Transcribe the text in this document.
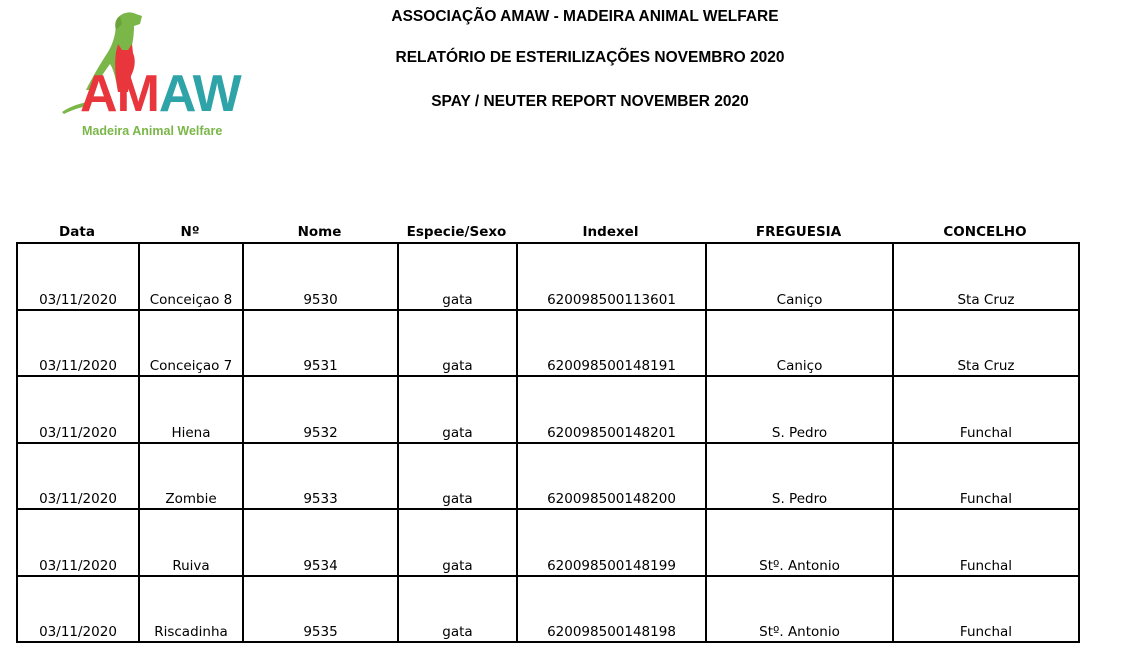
AMAW
Madeira Animal Welfare
ASSOCIAÇÃO AMAW - MADEIRA ANIMAL WELFARE
RELATÓRIO DE ESTERILIZAÇÕES NOVEMBRO 2020
SPAY / NEUTER REPORT NOVEMBER 2020
Data	Nº	Nome	Especie/Sexo	Indexel	FREGUESIA	CONCELHO
03/11/2020	Conceiçao 8	9530	gata	620098500113601	Caniço	Sta Cruz
03/11/2020	Conceiçao 7	9531	gata	620098500148191	Caniço	Sta Cruz
03/11/2020	Hiena	9532	gata	620098500148201	S. Pedro	Funchal
03/11/2020	Zombie	9533	gata	620098500148200	S. Pedro	Funchal
03/11/2020	Ruiva	9534	gata	620098500148199	Stº. Antonio	Funchal
03/11/2020	Riscadinha	9535	gata	620098500148198	Stº. Antonio	Funchal
